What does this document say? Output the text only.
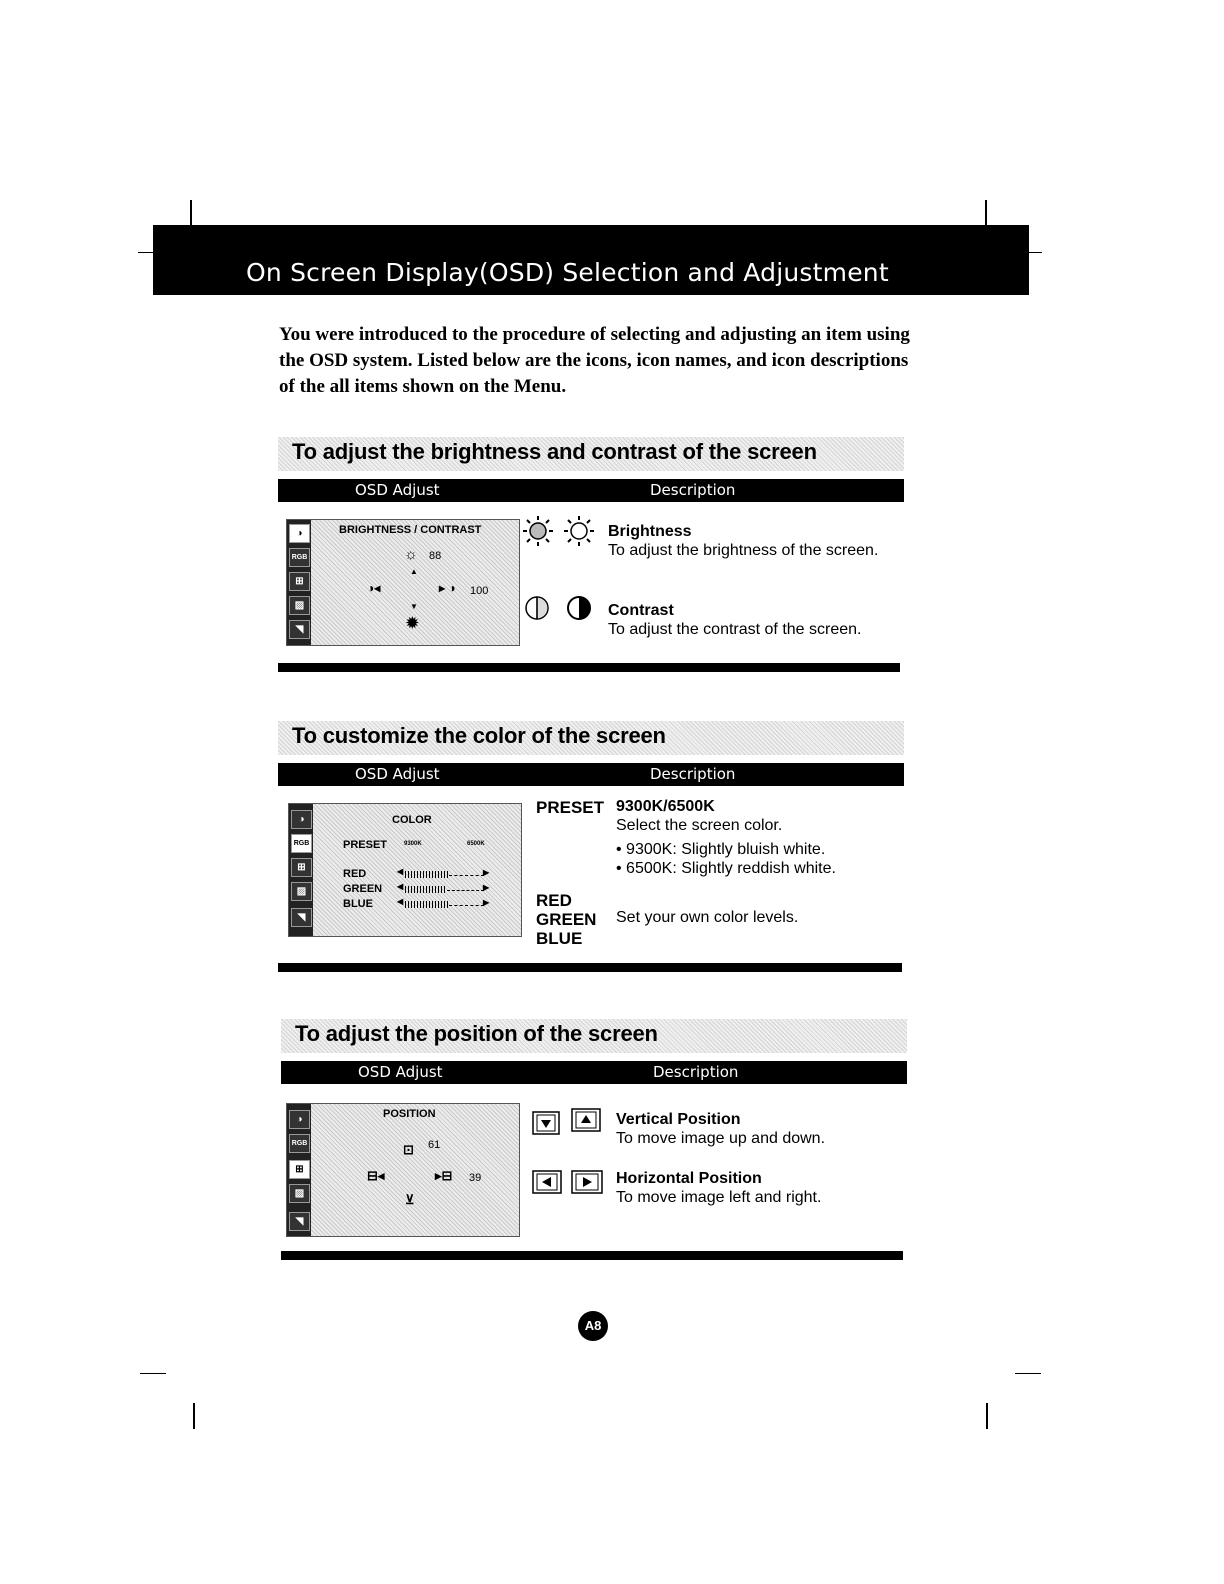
On Screen Display(OSD) Selection and Adjustment
You were introduced to the procedure of selecting and adjusting an item using the OSD system. Listed below are the icons, icon names, and icon descriptions of the all items shown on the Menu.
To adjust the brightness and contrast of the screen
OSD Adjust	Description
◑
RGB
⊞
▨
◥
BRIGHTNESS / CONTRAST
☼ 88
▲
◑◂	▸ ◑ 100
▼
✹
Brightness
To adjust the brightness of the screen.
Contrast
To adjust the contrast of the screen.
To customize the color of the screen
OSD Adjust	Description
◑
RGB
⊞
▨
◥
COLOR
PRESET	9300K	6500K
RED
GREEN
BLUE
◀	▶
◀	▶
◀	▶
PRESET 9300K/6500K
Select the screen color.
• 9300K: Slightly bluish white.
• 6500K: Slightly reddish white.
RED
GREEN
BLUE
Set your own color levels.
To adjust the position of the screen
OSD Adjust	Description
◑
RGB
⊞
▨
◥
POSITION
⊡ 61
⊟◂	▸⊟ 39
⊻
Vertical Position
To move image up and down.
Horizontal Position
To move image left and right.
A8
